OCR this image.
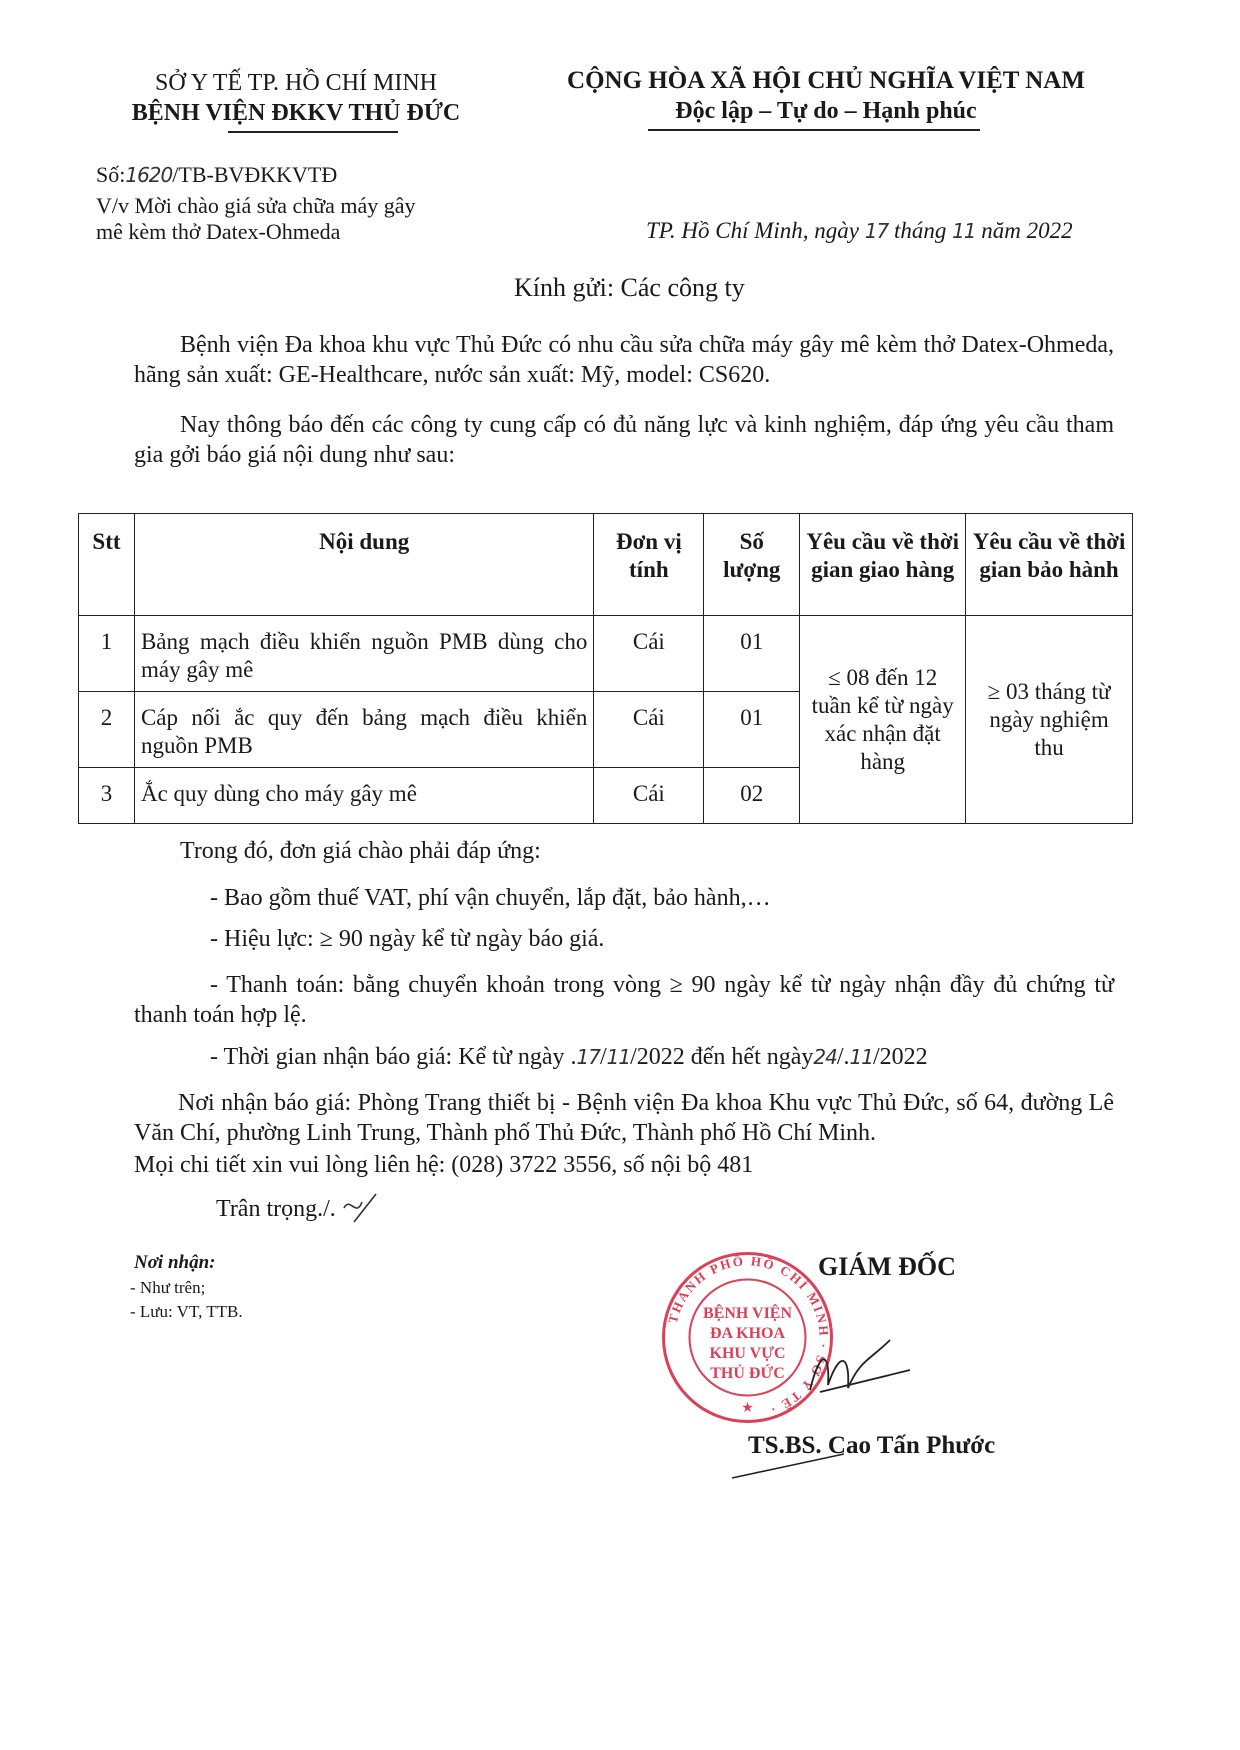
SỞ Y TẾ TP. HỒ CHÍ MINH
BỆNH VIỆN ĐKKV THỦ ĐỨC
CỘNG HÒA XÃ HỘI CHỦ NGHĨA VIỆT NAM
Độc lập – Tự do – Hạnh phúc
Số:1620/TB-BVĐKKVTĐ
V/v Mời chào giá sửa chữa máy gây
mê kèm thở Datex-Ohmeda	TP. Hồ Chí Minh, ngày 17 tháng 11 năm 2022
Kính gửi: Các công ty
Bệnh viện Đa khoa khu vực Thủ Đức có nhu cầu sửa chữa máy gây mê kèm thở Datex-Ohmeda, hãng sản xuất: GE-Healthcare, nước sản xuất: Mỹ, model: CS620.
Nay thông báo đến các công ty cung cấp có đủ năng lực và kinh nghiệm, đáp ứng yêu cầu tham gia gởi báo giá nội dung như sau:
Stt	Nội dung	Đơn vị tính	Số lượng	Yêu cầu về thời gian giao hàng	Yêu cầu về thời gian bảo hành
1	Bảng mạch điều khiển nguồn PMB dùng cho máy gây mê	Cái	01	≤ 08 đến 12 tuần kể từ ngày xác nhận đặt hàng	≥ 03 tháng từ ngày nghiệm thu
2	Cáp nối ắc quy đến bảng mạch điều khiển nguồn PMB	Cái	01		
3	Ắc quy dùng cho máy gây mê	Cái	02		
Trong đó, đơn giá chào phải đáp ứng:
- Bao gồm thuế VAT, phí vận chuyển, lắp đặt, bảo hành,…
- Hiệu lực: ≥ 90 ngày kể từ ngày báo giá.
- Thanh toán: bằng chuyển khoản trong vòng ≥ 90 ngày kể từ ngày nhận đầy đủ chứng từ thanh toán hợp lệ.
- Thời gian nhận báo giá: Kể từ ngày .17/11/2022 đến hết ngày24/.11/2022
Nơi nhận báo giá: Phòng Trang thiết bị - Bệnh viện Đa khoa Khu vực Thủ Đức, số 64, đường Lê Văn Chí, phường Linh Trung, Thành phố Thủ Đức, Thành phố Hồ Chí Minh.
Mọi chi tiết xin vui lòng liên hệ: (028) 3722 3556, số nội bộ 481
Trân trọng./.
Nơi nhận:
- Như trên;
- Lưu: VT, TTB.
GIÁM ĐỐC
THÀNH PHỐ HỒ CHÍ MINH · SỞ Y TẾ ·
BỆNH VIỆN
ĐA KHOA
KHU VỰC
THỦ ĐỨC
★
TS.BS. Cao Tấn Phước
